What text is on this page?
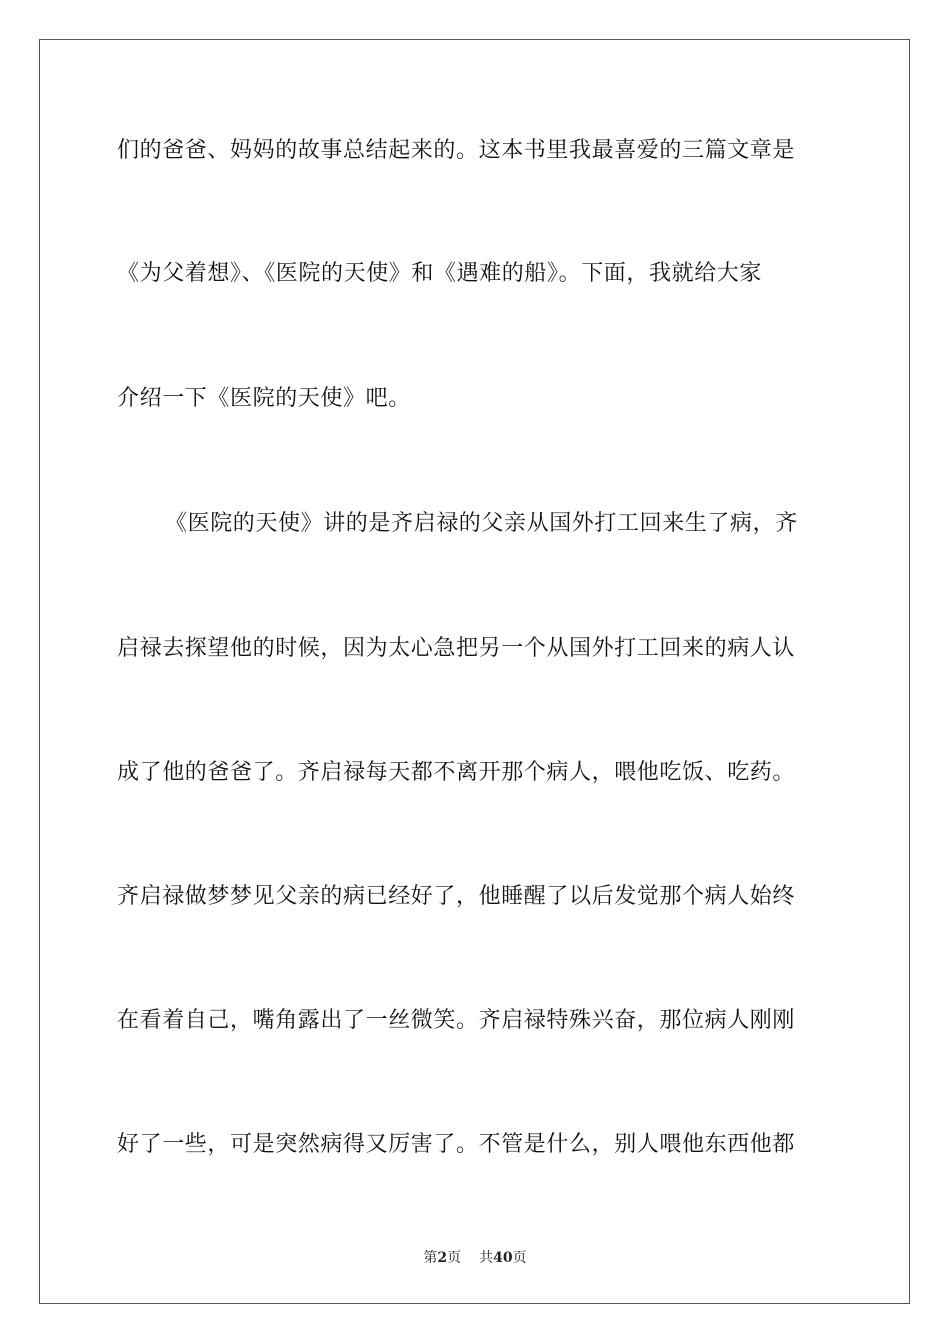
们的爸爸、妈妈的故事总结起来的。这本书里我最喜爱的三篇文章是
《为父着想》、《医院的天使》和《遇难的船》。下面，我就给大家
介绍一下《医院的天使》吧。
《医院的天使》讲的是齐启禄的父亲从国外打工回来生了病，齐
启禄去探望他的时候，因为太心急把另一个从国外打工回来的病人认
成了他的爸爸了。齐启禄每天都不离开那个病人，喂他吃饭、吃药。
齐启禄做梦梦见父亲的病已经好了，他睡醒了以后发觉那个病人始终
在看着自己，嘴角露出了一丝微笑。齐启禄特殊兴奋，那位病人刚刚
好了一些，可是突然病得又厉害了。不管是什么，别人喂他东西他都
第2页 共40页
